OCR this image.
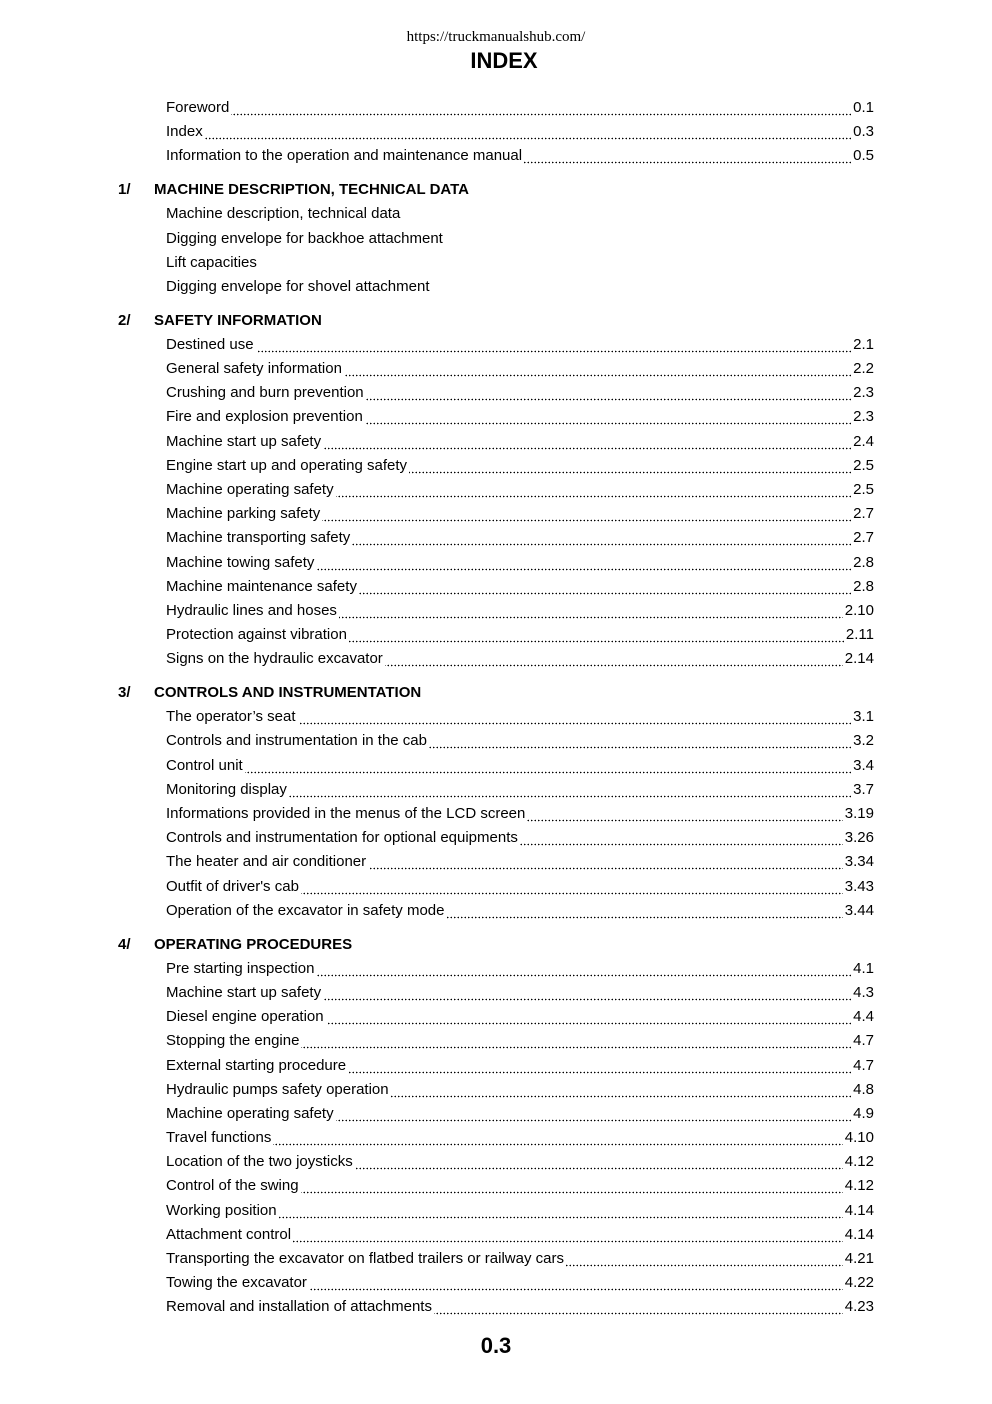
https://truckmanualshub.com/
INDEX
Foreword	0.1
Index	0.3
Information to the operation and maintenance manual	0.5
1/ MACHINE DESCRIPTION, TECHNICAL DATA
Machine description, technical data
Digging envelope for backhoe attachment
Lift capacities
Digging envelope for shovel attachment
2/ SAFETY INFORMATION
Destined use	2.1
General safety information	2.2
Crushing and burn prevention	2.3
Fire and explosion prevention	2.3
Machine start up safety	2.4
Engine start up and operating safety	2.5
Machine operating safety	2.5
Machine parking safety	2.7
Machine transporting safety	2.7
Machine towing safety	2.8
Machine maintenance safety	2.8
Hydraulic lines and hoses	2.10
Protection against vibration	2.11
Signs on the hydraulic excavator	2.14
3/ CONTROLS AND INSTRUMENTATION
The operator’s seat	3.1
Controls and instrumentation in the cab	3.2
Control unit	3.4
Monitoring display	3.7
Informations provided in the menus of the LCD screen	3.19
Controls and instrumentation for optional equipments	3.26
The heater and air conditioner	3.34
Outfit of driver's cab	3.43
Operation of the excavator in safety mode	3.44
4/ OPERATING PROCEDURES
Pre starting inspection	4.1
Machine start up safety	4.3
Diesel engine operation	4.4
Stopping the engine	4.7
External starting procedure	4.7
Hydraulic pumps safety operation	4.8
Machine operating safety	4.9
Travel functions	4.10
Location of the two joysticks	4.12
Control of the swing	4.12
Working position	4.14
Attachment control	4.14
Transporting the excavator on flatbed trailers or railway cars	4.21
Towing the excavator	4.22
Removal and installation of attachments	4.23
0.3
